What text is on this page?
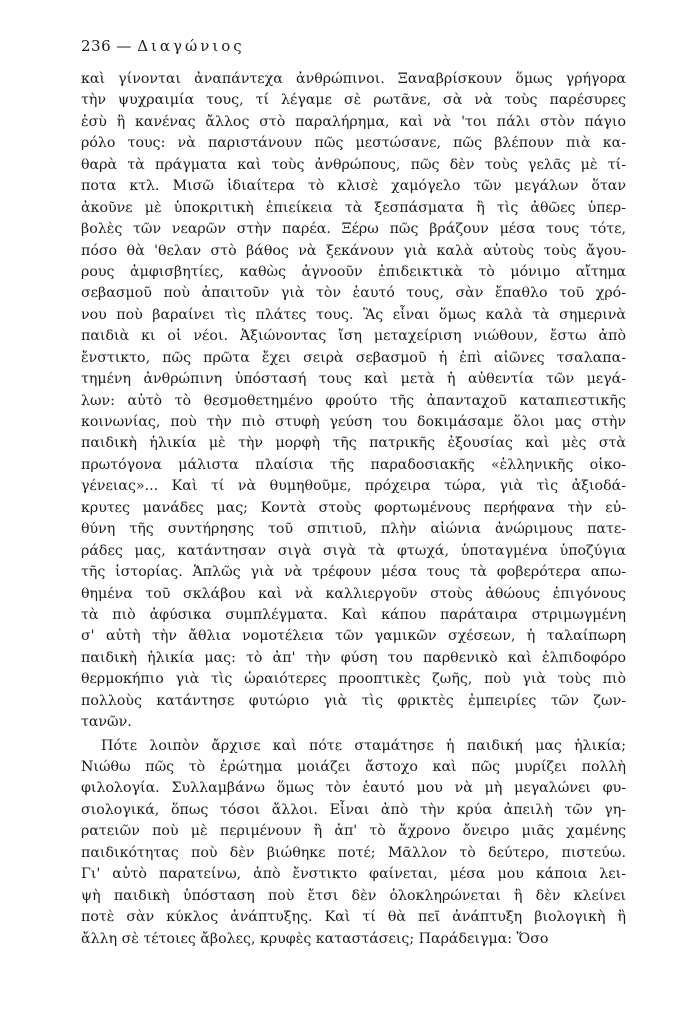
236 — Διαγώνιος
καὶ γίνονται ἀναπάντεχα ἀνθρώπινοι. Ξαναβρίσκουν ὅμως γρήγορα
τὴν ψυχραιμία τους, τί λέγαμε σὲ ρωτᾶνε, σὰ νὰ τοὺς παρέσυρες
ἐσὺ ἢ κανένας ἄλλος στὸ παραλήρημα, καὶ νὰ 'τοι πάλι στὸν πάγιο
ρόλο τους: νὰ παριστάνουν πῶς μεστώσανε, πῶς βλέπουν πιὰ κα-
θαρὰ τὰ πράγματα καὶ τοὺς ἀνθρώπους, πῶς δὲν τοὺς γελᾶς μὲ τί-
ποτα κτλ. Μισῶ ἰδιαίτερα τὸ κλισὲ χαμόγελο τῶν μεγάλων ὅταν
ἀκοῦνε μὲ ὑποκριτικὴ ἐπιείκεια τὰ ξεσπάσματα ἢ τὶς ἀθῶες ὑπερ-
βολὲς τῶν νεαρῶν στὴν παρέα. Ξέρω πῶς βράζουν μέσα τους τότε,
πόσο θὰ 'θελαν στὸ βάθος νὰ ξεκάνουν γιὰ καλὰ αὐτοὺς τοὺς ἄγου-
ρους ἀμφισβητίες, καθὼς ἀγνοοῦν ἐπιδεικτικὰ τὸ μόνιμο αἴτημα
σεβασμοῦ ποὺ ἀπαιτοῦν γιὰ τὸν ἑαυτό τους, σὰν ἔπαθλο τοῦ χρό-
νου ποὺ βαραίνει τὶς πλάτες τους. Ἂς εἶναι ὅμως καλὰ τὰ σημερινὰ
παιδιὰ κι οἱ νέοι. Ἀξιώνοντας ἴση μεταχείριση νιώθουν, ἔστω ἀπὸ
ἔνστικτο, πῶς πρῶτα ἔχει σειρὰ σεβασμοῦ ἡ ἐπὶ αἰῶνες τσαλαπα-
τημένη ἀνθρώπινη ὑπόστασή τους καὶ μετὰ ἡ αὐθεντία τῶν μεγά-
λων: αὐτὸ τὸ θεσμοθετημένο φρούτο τῆς ἀπανταχοῦ καταπιεστικῆς
κοινωνίας, ποὺ τὴν πιὸ στυφὴ γεύση του δοκιμάσαμε ὅλοι μας στὴν
παιδικὴ ἡλικία μὲ τὴν μορφὴ τῆς πατρικῆς ἐξουσίας καὶ μὲς στὰ
πρωτόγονα μάλιστα πλαίσια τῆς παραδοσιακῆς «ἑλληνικῆς οἰκο-
γένειας»... Καὶ τί νὰ θυμηθοῦμε, πρόχειρα τώρα, γιὰ τὶς ἀξιοδά-
κρυτες μανάδες μας; Κοντὰ στοὺς φορτωμένους περήφανα τὴν εὐ-
θύνη τῆς συντήρησης τοῦ σπιτιοῦ, πλὴν αἰώνια ἀνώριμους πατε-
ράδες μας, κατάντησαν σιγὰ σιγὰ τὰ φτωχά, ὑποταγμένα ὑποζύγια
τῆς ἱστορίας. Ἁπλῶς γιὰ νὰ τρέφουν μέσα τους τὰ φοβερότερα απω-
θημένα τοῦ σκλάβου καὶ νὰ καλλιεργοῦν στοὺς ἀθώους ἐπιγόνους
τὰ πιὸ ἀφύσικα συμπλέγματα. Καὶ κάπου παράταιρα στριμωγμένη
σ' αὐτὴ τὴν ἄθλια νομοτέλεια τῶν γαμικῶν σχέσεων, ἡ ταλαίπωρη
παιδικὴ ἡλικία μας: τὸ ἀπ' τὴν φύση του παρθενικὸ καὶ ἐλπιδοφόρο
θερμοκήπιο γιὰ τὶς ὡραιότερες προοπτικὲς ζωῆς, ποὺ γιὰ τοὺς πιὸ
πολλοὺς κατάντησε φυτώριο γιὰ τὶς φρικτὲς ἐμπειρίες τῶν ζων-
τανῶν.
Πότε λοιπὸν ἄρχισε καὶ πότε σταμάτησε ἡ παιδική μας ἡλικία;
Νιώθω πῶς τὸ ἐρώτημα μοιάζει ἄστοχο καὶ πῶς μυρίζει πολλὴ
φιλολογία. Συλλαμβάνω ὅμως τὸν ἑαυτό μου νὰ μὴ μεγαλώνει φυ-
σιολογικά, ὅπως τόσοι ἄλλοι. Εἶναι ἀπὸ τὴν κρύα ἀπειλὴ τῶν γη-
ρατειῶν ποὺ μὲ περιμένουν ἢ ἀπ' τὸ ἄχρονο ὄνειρο μιᾶς χαμένης
παιδικότητας ποὺ δὲν βιώθηκε ποτέ; Μᾶλλον τὸ δεύτερο, πιστεύω.
Γι' αὐτὸ παρατείνω, ἀπὸ ἔνστικτο φαίνεται, μέσα μου κάποια λει-
ψὴ παιδικὴ ὑπόσταση ποὺ ἔτσι δὲν ὁλοκληρώνεται ἢ δὲν κλείνει
ποτὲ σὰν κύκλος ἀνάπτυξης. Καὶ τί θὰ πεῖ ἀνάπτυξη βιολογικὴ ἢ
ἄλλη σὲ τέτοιες ἄβολες, κρυφὲς καταστάσεις; Παράδειγμα: Ὅσο
